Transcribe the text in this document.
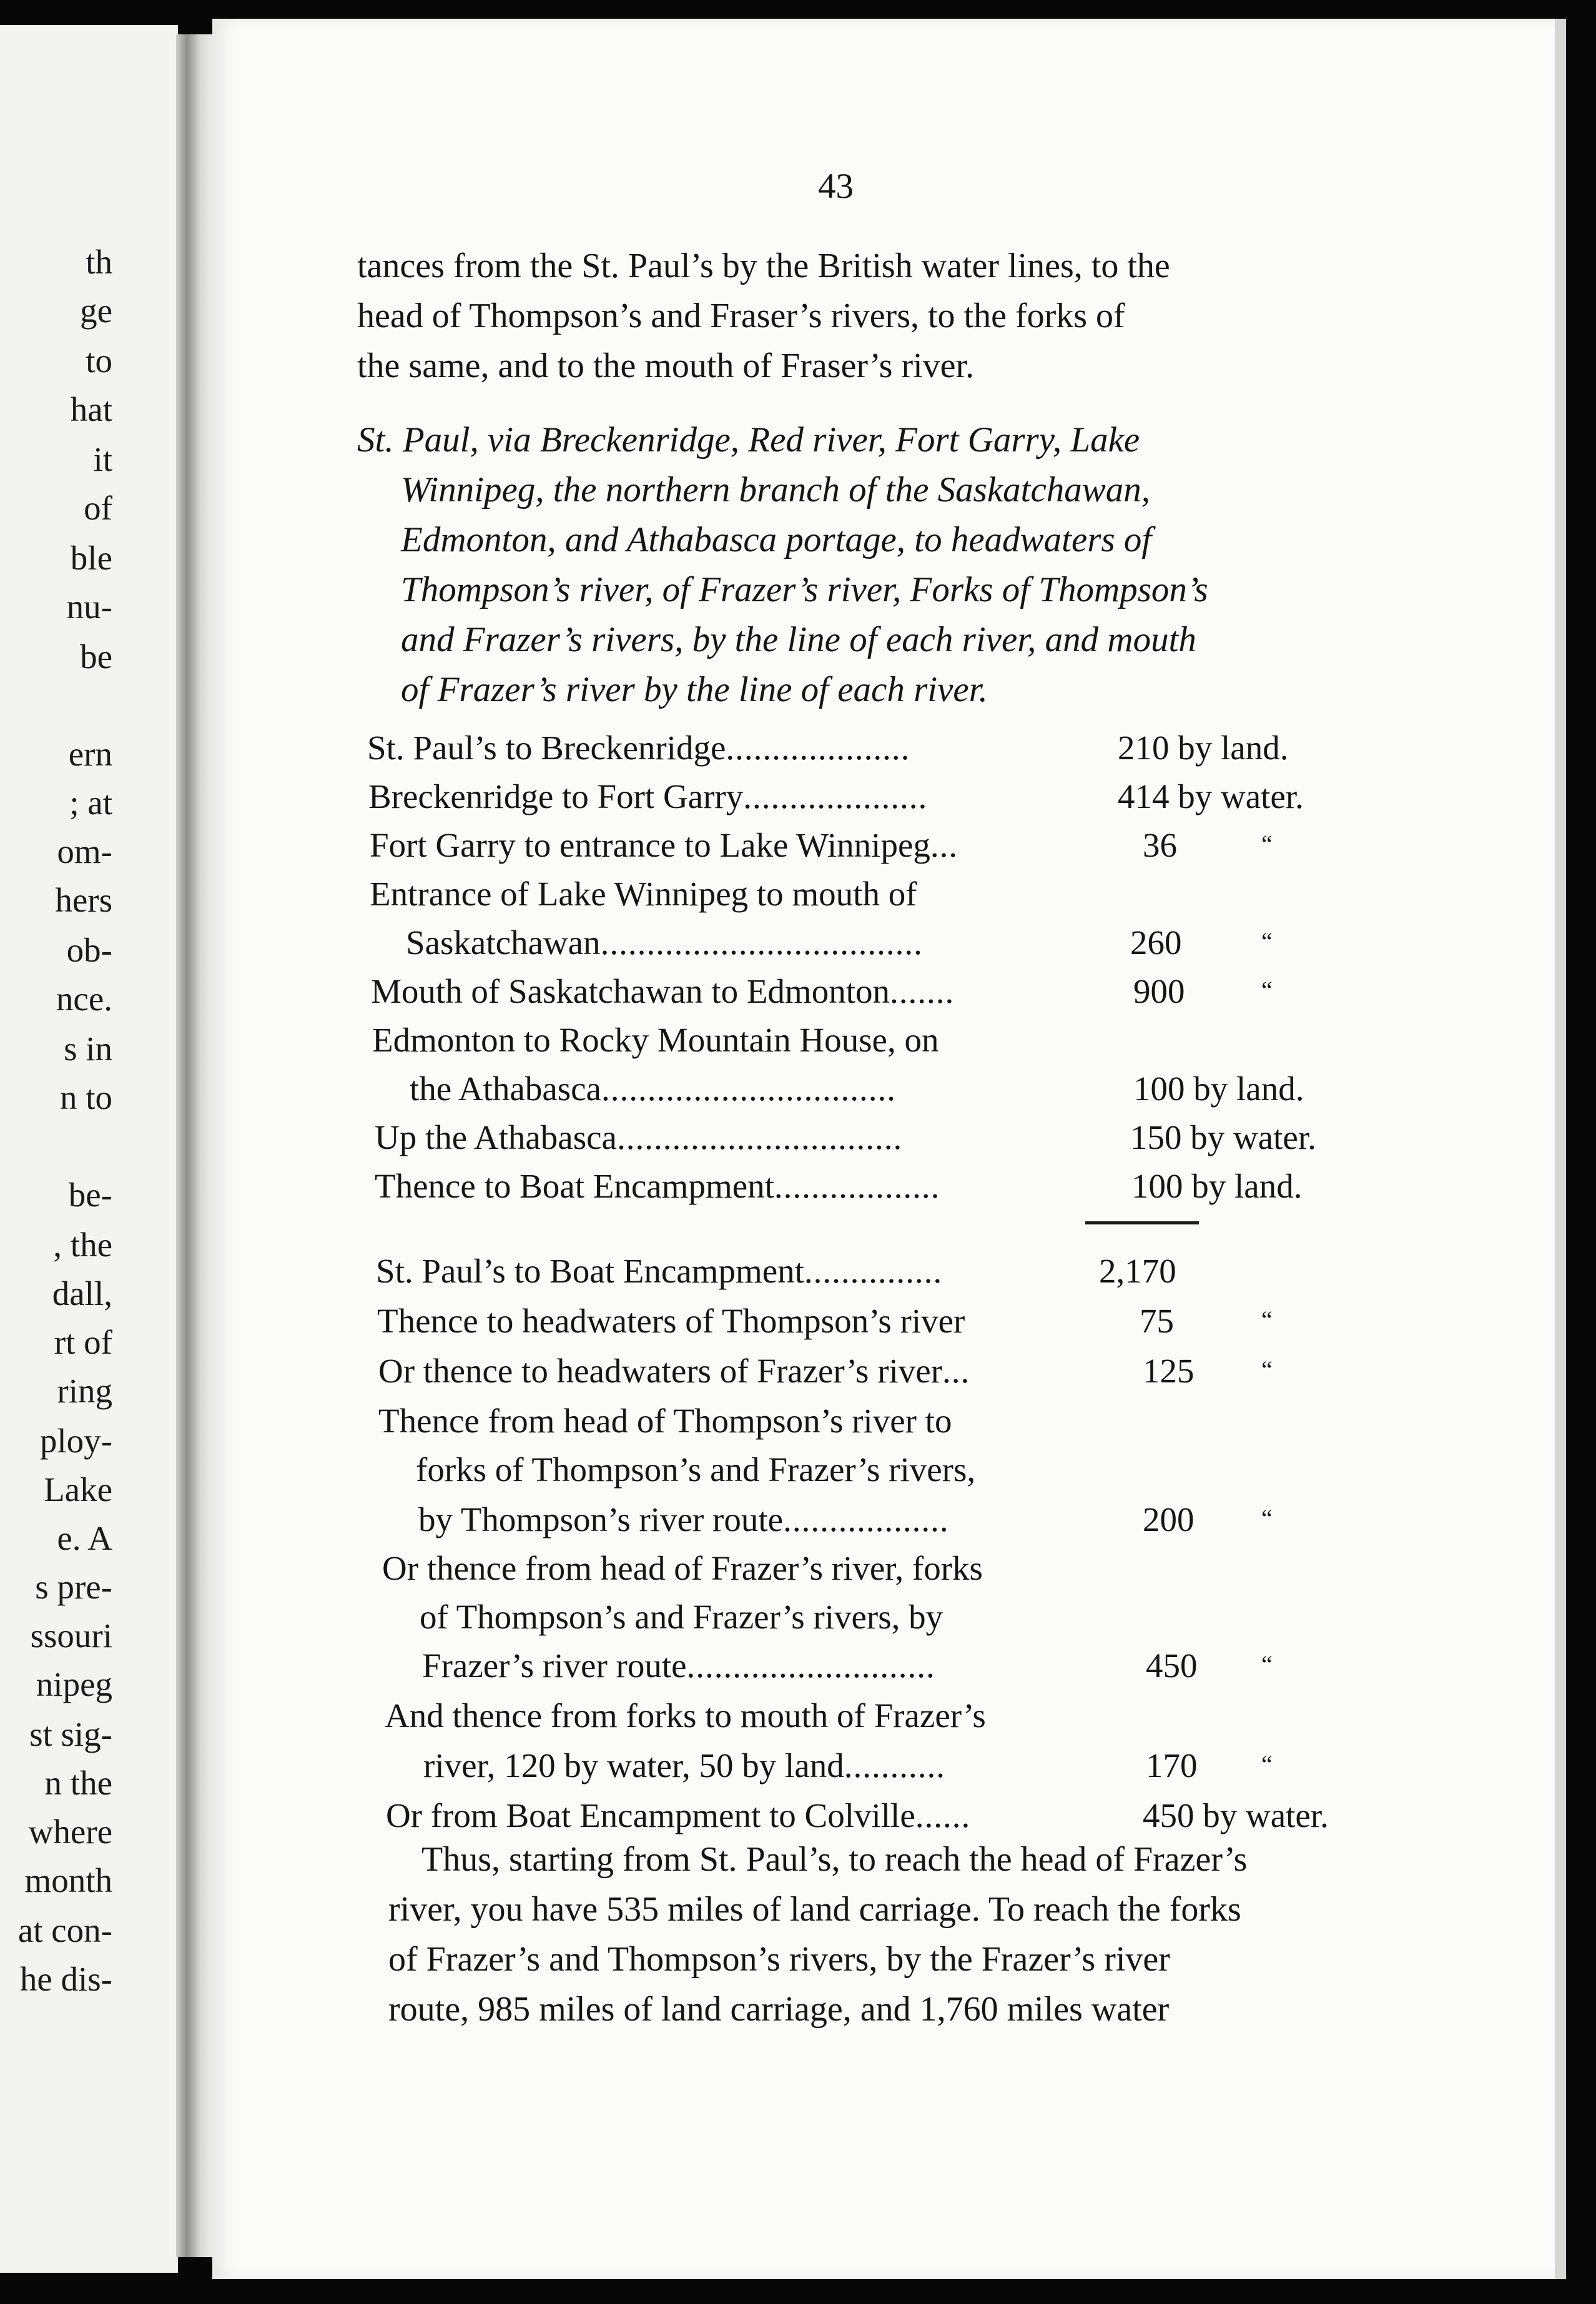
th
ge
to
hat
it
of
ble
nu-
be
ern
; at
om-
hers
ob-
nce.
s in
n to
be-
, the
dall,
rt of
ring
ploy-
Lake
e. A
s pre-
ssouri
nipeg
st sig-
n the
where
month
at con-
he dis-
43
tances from the St. Paul’s by the British water lines, to the
head of Thompson’s and Fraser’s rivers, to the forks of
the same, and to the mouth of Fraser’s river.
St. Paul, via Breckenridge, Red river, Fort Garry, Lake
Winnipeg, the northern branch of the Saskatchawan,
Edmonton, and Athabasca portage, to headwaters of
Thompson’s river, of Frazer’s river, Forks of Thompson’s
and Frazer’s rivers, by the line of each river, and mouth
of Frazer’s river by the line of each river.
St. Paul’s to Breckenridge....................	210 by land.
Breckenridge to Fort Garry....................	414 by water.
Fort Garry to entrance to Lake Winnipeg...	36	“
Entrance of Lake Winnipeg to mouth of
Saskatchawan...................................	260	“
Mouth of Saskatchawan to Edmonton.......	900	“
Edmonton to Rocky Mountain House, on
the Athabasca................................	100 by land.
Up the Athabasca...............................	150 by water.
Thence to Boat Encampment..................	100 by land.
St. Paul’s to Boat Encampment...............	2,170
Thence to headwaters of Thompson’s river	75	“
Or thence to headwaters of Frazer’s river...	125	“
Thence from head of Thompson’s river to
forks of Thompson’s and Frazer’s rivers,
by Thompson’s river route..................	200	“
Or thence from head of Frazer’s river, forks
of Thompson’s and Frazer’s rivers, by
Frazer’s river route...........................	450	“
And thence from forks to mouth of Frazer’s
river, 120 by water, 50 by land...........	170	“
Or from Boat Encampment to Colville......	450 by water.
Thus, starting from St. Paul’s, to reach the head of Frazer’s
river, you have 535 miles of land carriage. To reach the forks
of Frazer’s and Thompson’s rivers, by the Frazer’s river
route, 985 miles of land carriage, and 1,760 miles water
